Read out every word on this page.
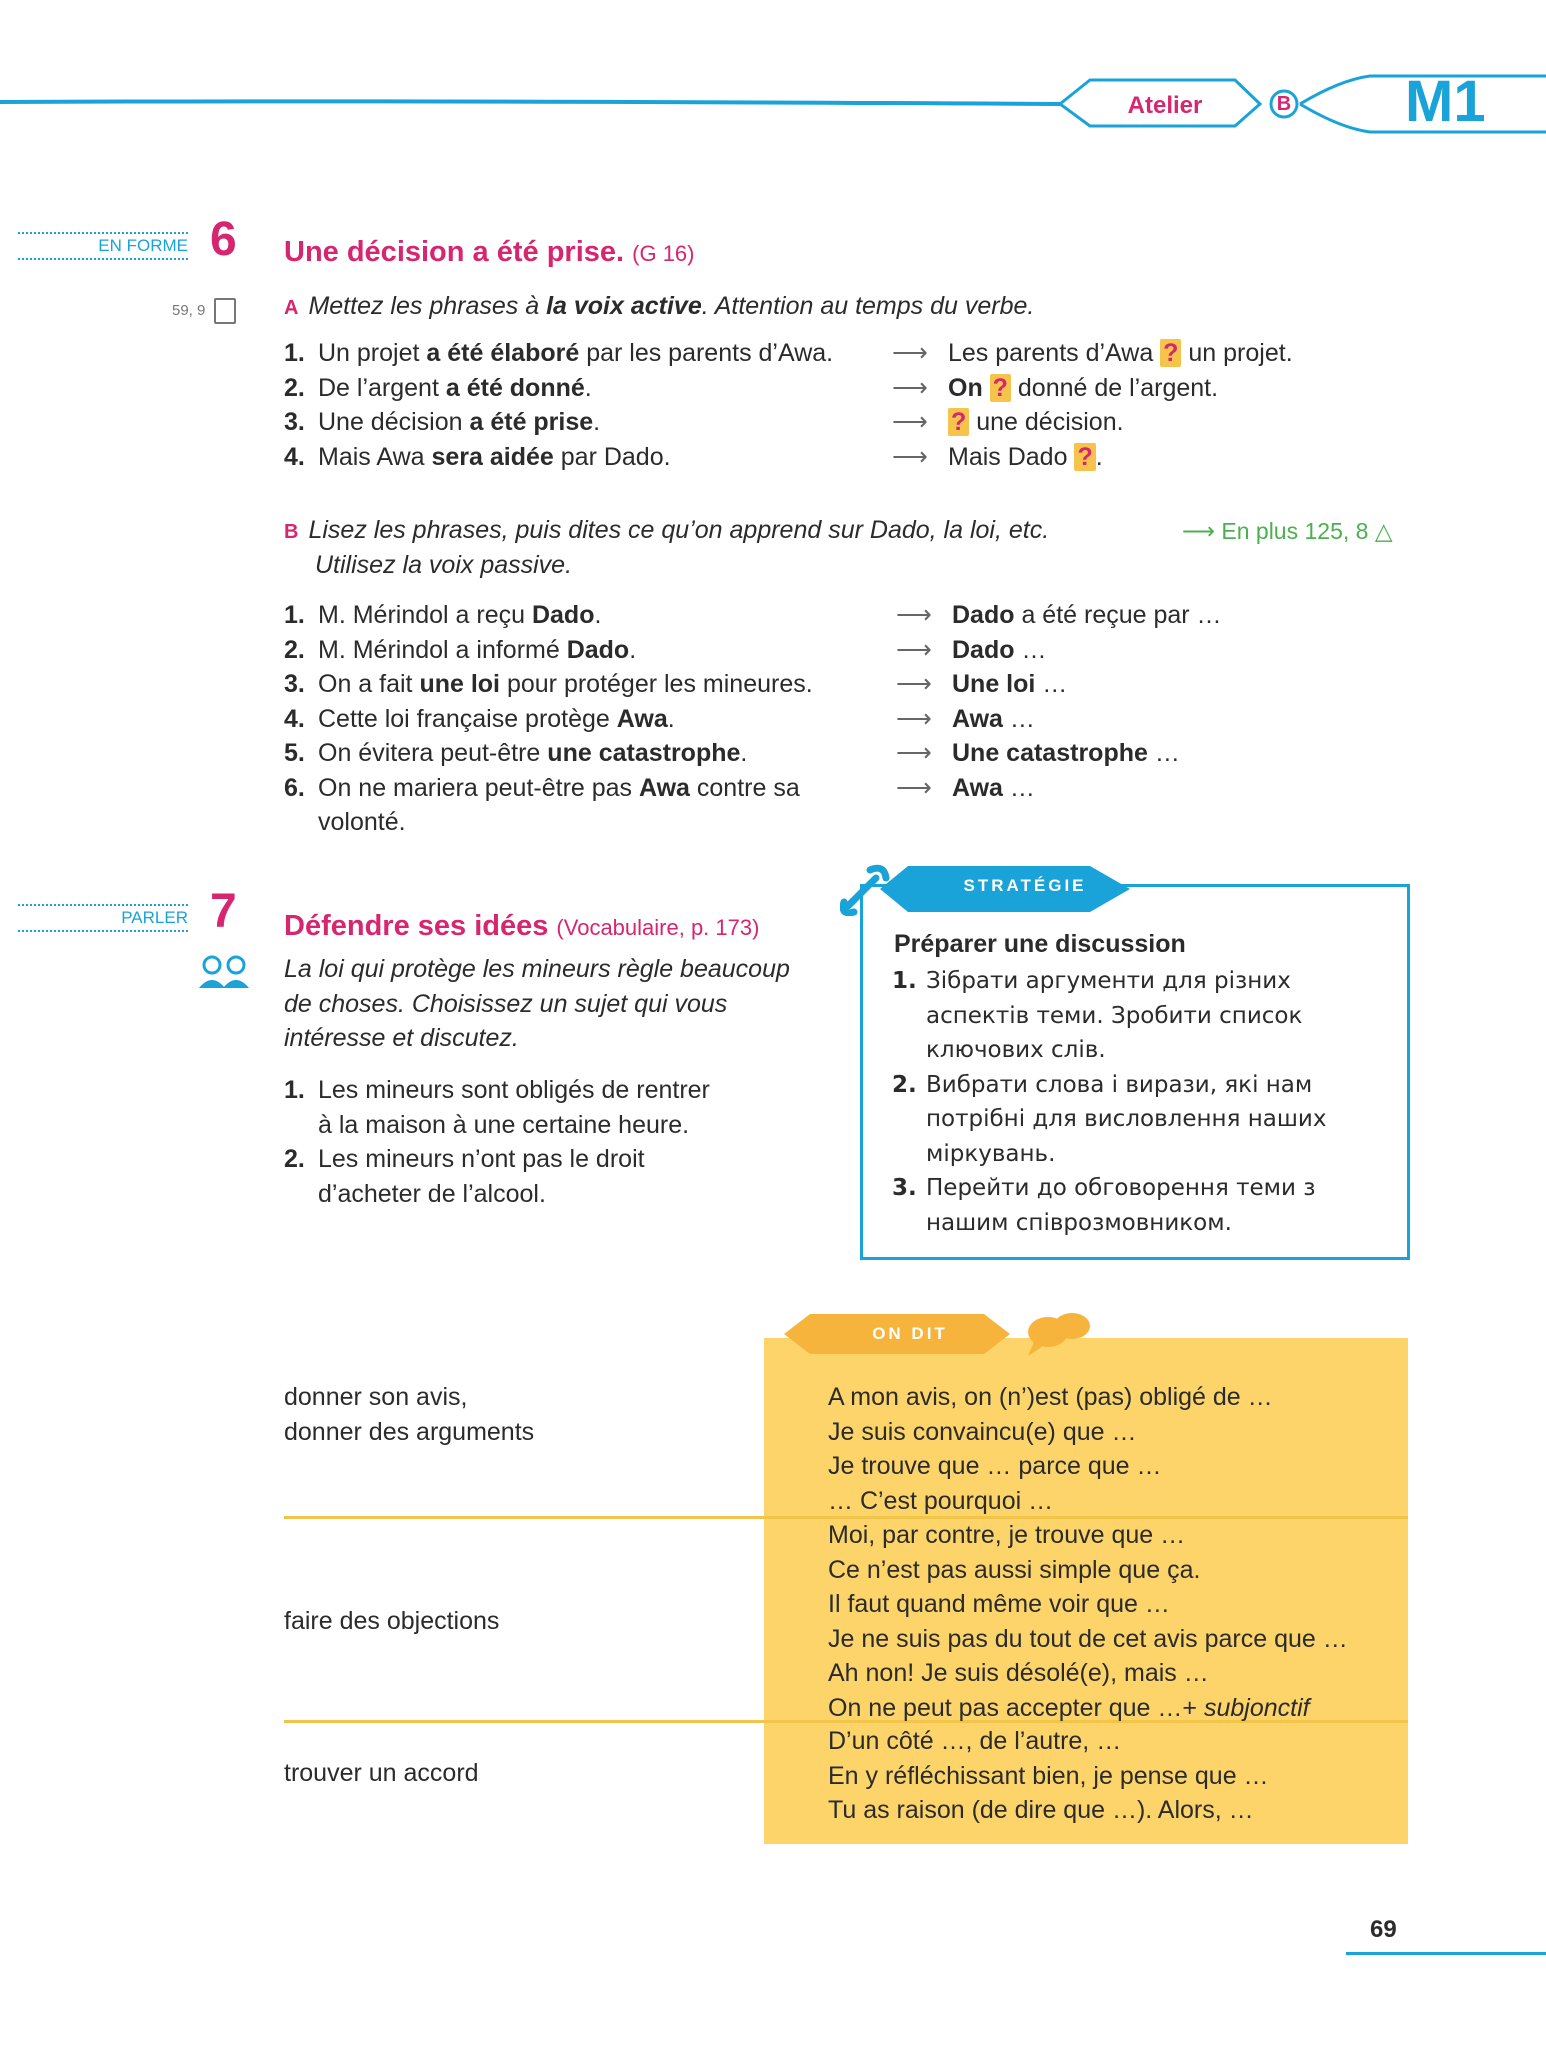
Atelier	B M1
EN FORME 6 Une décision a été prise. (G 16)
59, 9	A Mettez les phrases à la voix active. Attention au temps du verbe.
1. Un projet a été élaboré par les parents d’Awa.
2. De l’argent a été donné.
3. Une décision a été prise.
4. Mais Awa sera aidée par Dado.
⟶ Les parents d’Awa ? un projet.
⟶ On ? donné de l’argent.
⟶ ? une décision.
⟶ Mais Dado ? .
B Lisez les phrases, puis dites ce qu’on apprend sur Dado, la loi, etc.
Utilisez la voix passive.
⟶ En plus 125, 8 △
1. M. Mérindol a reçu Dado.
2. M. Mérindol a informé Dado.
3. On a fait une loi pour protéger les mineures.
4. Cette loi française protège Awa.
5. On évitera peut-être une catastrophe.
6. On ne mariera peut-être pas Awa contre sa
volonté.
⟶ Dado a été reçue par …
⟶ Dado …
⟶ Une loi …
⟶ Awa …
⟶ Une catastrophe …
⟶ Awa …
PARLER 7 Défendre ses idées (Vocabulaire, p. 173)
La loi qui protège les mineurs règle beaucoup
de choses. Choisissez un sujet qui vous
intéresse et discutez.
1. Les mineurs sont obligés de rentrer
à la maison à une certaine heure.
2. Les mineurs n’ont pas le droit
d’acheter de l’alcool.
STRATÉGIE
Préparer une discussion
1. Зібрати аргументи для різних
аспектів теми. Зробити список
ключових слів.
2. Вибрати слова і вирази, які нам
потрібні для висловлення наших
міркувань.
3. Перейти до обговорення теми з
нашим співрозмовником.
ON DIT
donner son avis,
donner des arguments
A mon avis, on (n’)est (pas) obligé de …
Je suis convaincu(e) que …
Je trouve que … parce que …
… C’est pourquoi …
faire des objections
Moi, par contre, je trouve que …
Ce n’est pas aussi simple que ça.
Il faut quand même voir que …
Je ne suis pas du tout de cet avis parce que …
Ah non! Je suis désolé(e), mais …
On ne peut pas accepter que …+ subjonctif
trouver un accord
D’un côté …, de l’autre, …
En y réfléchissant bien, je pense que …
Tu as raison (de dire que …). Alors, …
69
